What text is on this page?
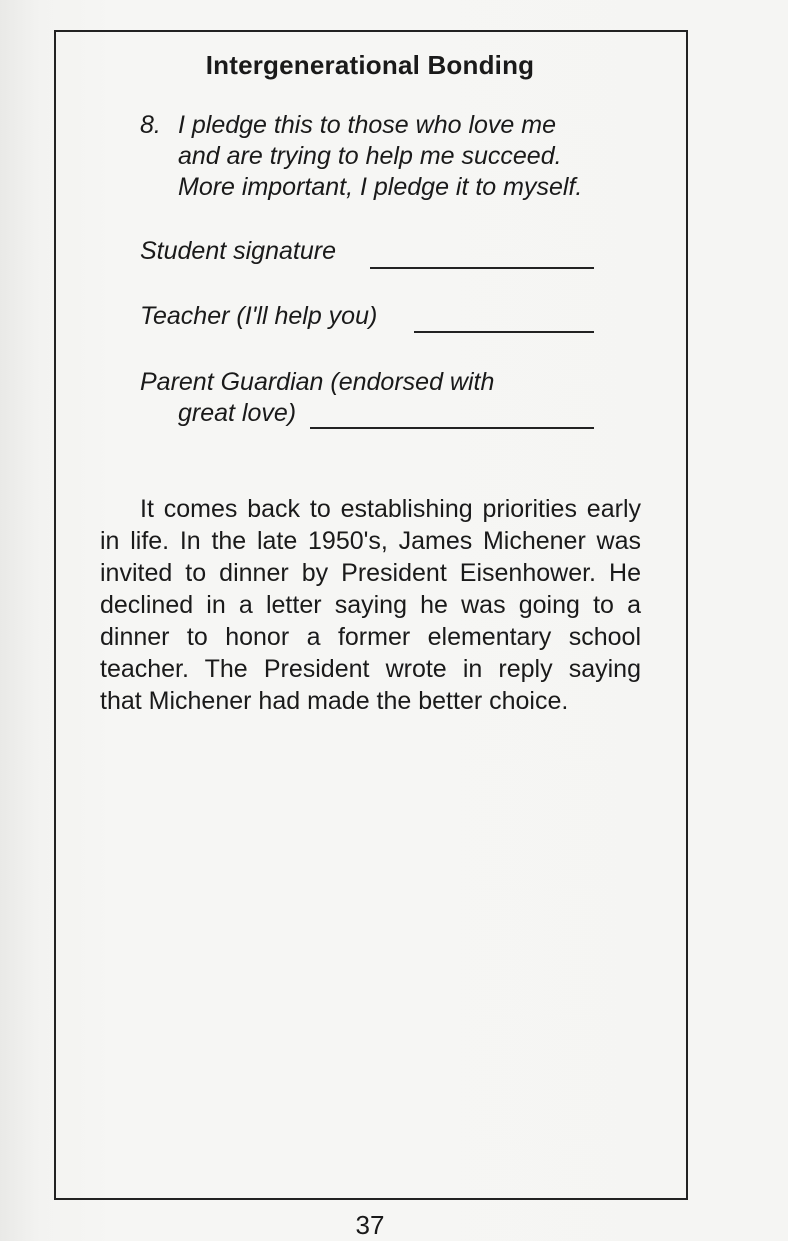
Intergenerational Bonding
8. I pledge this to those who love me
and are trying to help me succeed.
More important, I pledge it to myself.
Student signature
Teacher (I'll help you)
Parent Guardian (endorsed with
great love)
It comes back to establishing priorities early
in life. In the late 1950's, James Michener was
invited to dinner by President Eisenhower. He
declined in a letter saying he was going to a
dinner to honor a former elementary school
teacher. The President wrote in reply saying
that Michener had made the better choice.
37
